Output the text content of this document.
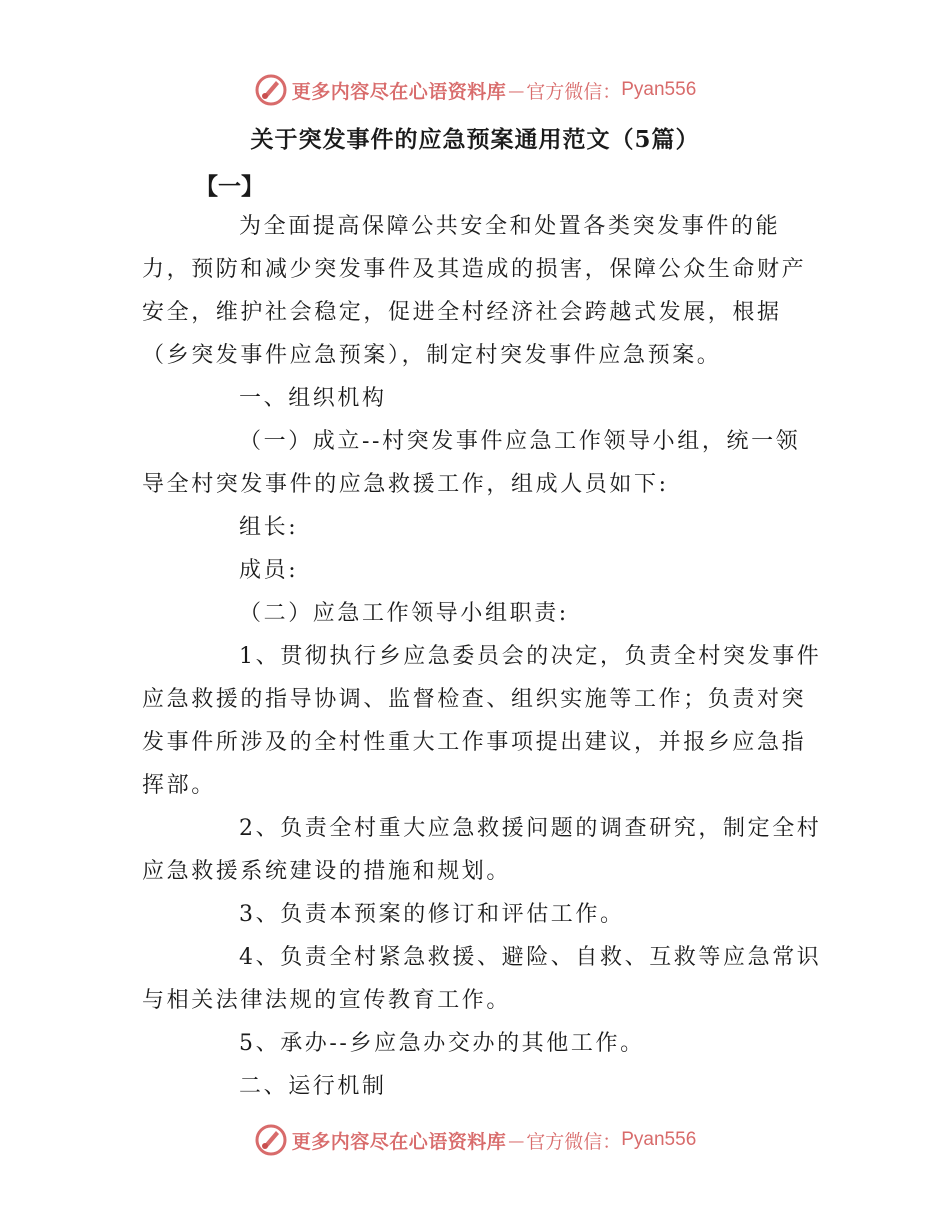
更多内容尽在心语资料库 — 官方微信： Pyan556
关于突发事件的应急预案通用范文（5篇）
【一】

为全面提高保障公共安全和处置各类突发事件的能力，预防和减少突发事件及其造成的损害，保障公众生命财产安全，维护社会稳定，促进全村经济社会跨越式发展，根据（乡突发事件应急预案），制定村突发事件应急预案。

一、组织机构

（一）成立--村突发事件应急工作领导小组，统一领导全村突发事件的应急救援工作，组成人员如下:

组长:

成员:

（二）应急工作领导小组职责:

1、贯彻执行乡应急委员会的决定，负责全村突发事件应急救援的指导协调、监督检查、组织实施等工作；负责对突发事件所涉及的全村性重大工作事项提出建议，并报乡应急指挥部。

2、负责全村重大应急救援问题的调查研究，制定全村应急救援系统建设的措施和规划。

3、负责本预案的修订和评估工作。

4、负责全村紧急救援、避险、自救、互救等应急常识与相关法律法规的宣传教育工作。

5、承办--乡应急办交办的其他工作。

二、运行机制

更多内容尽在心语资料库 — 官方微信： Pyan556
